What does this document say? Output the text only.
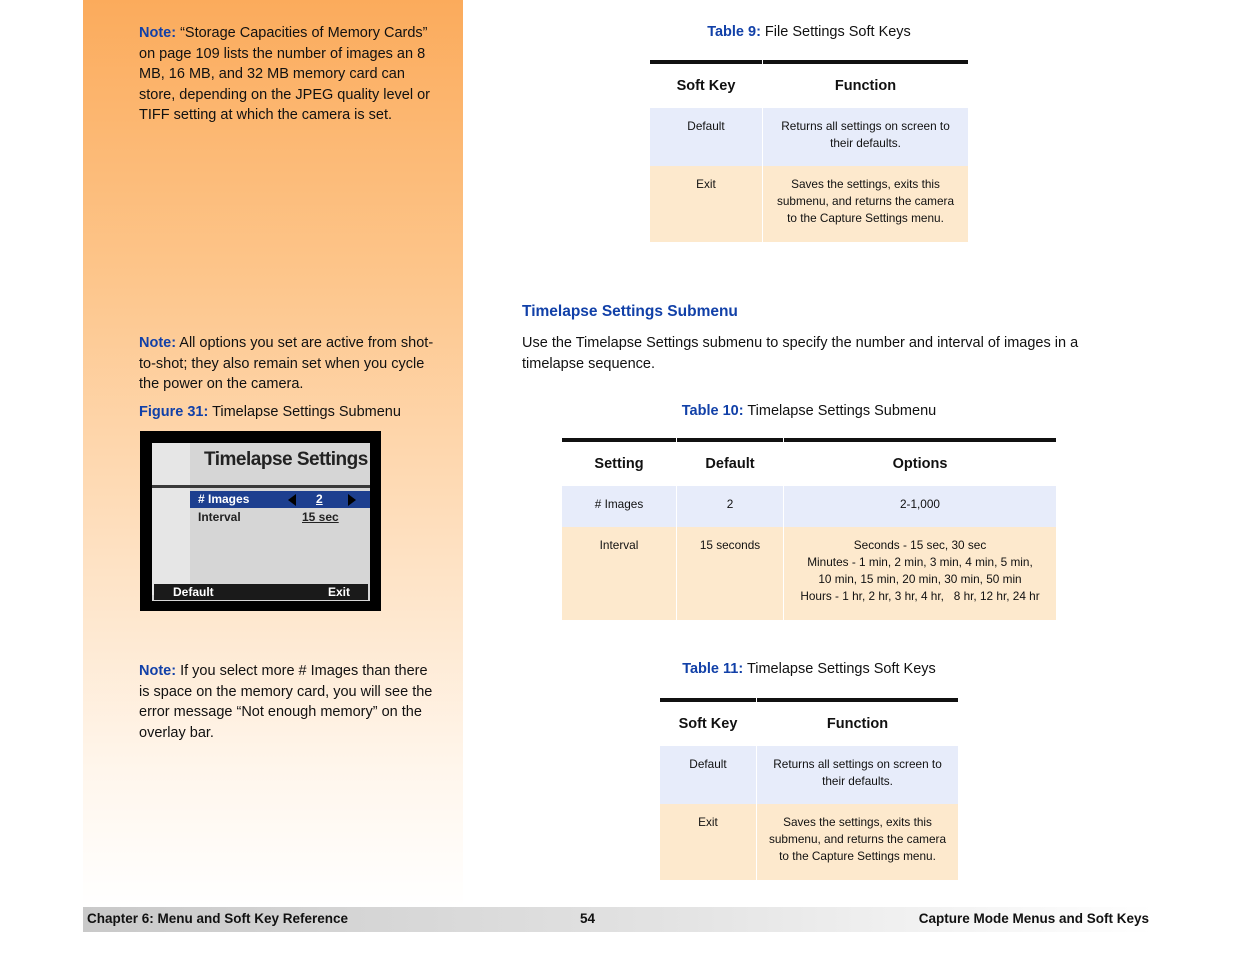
Note: “Storage Capacities of Memory Cards” on page 109 lists the number of images an 8 MB, 16 MB, and 32 MB memory card can store, depending on the JPEG quality level or TIFF setting at which the camera is set.
Note: All options you set are active from shot-to-shot; they also remain set when you cycle the power on the camera.
Figure 31: Timelapse Settings Submenu
Timelapse Settings
# Images	2
Interval	15 sec
Default	Exit
Note: If you select more # Images than there is space on the memory card, you will see the error message “Not enough memory” on the overlay bar.
Table 9: File Settings Soft Keys
Soft Key	Function
Default	Returns all settings on screen to their defaults.
Exit	Saves the settings, exits this submenu, and returns the camera to the Capture Settings menu.
Timelapse Settings Submenu
Use the Timelapse Settings submenu to specify the number and interval of images in a timelapse sequence.
Table 10: Timelapse Settings Submenu
Setting	Default	Options
# Images	2	2-1,000
Interval	15 seconds	Seconds - 15 sec, 30 sec
Minutes - 1 min, 2 min, 3 min, 4 min, 5 min,
10 min, 15 min, 20 min, 30 min, 50 min
Hours - 1 hr, 2 hr, 3 hr, 4 hr,   8 hr, 12 hr, 24 hr
Table 11: Timelapse Settings Soft Keys
Soft Key	Function
Default	Returns all settings on screen to their defaults.
Exit	Saves the settings, exits this submenu, and returns the camera to the Capture Settings menu.
Chapter 6: Menu and Soft Key Reference	54	Capture Mode Menus and Soft Keys
